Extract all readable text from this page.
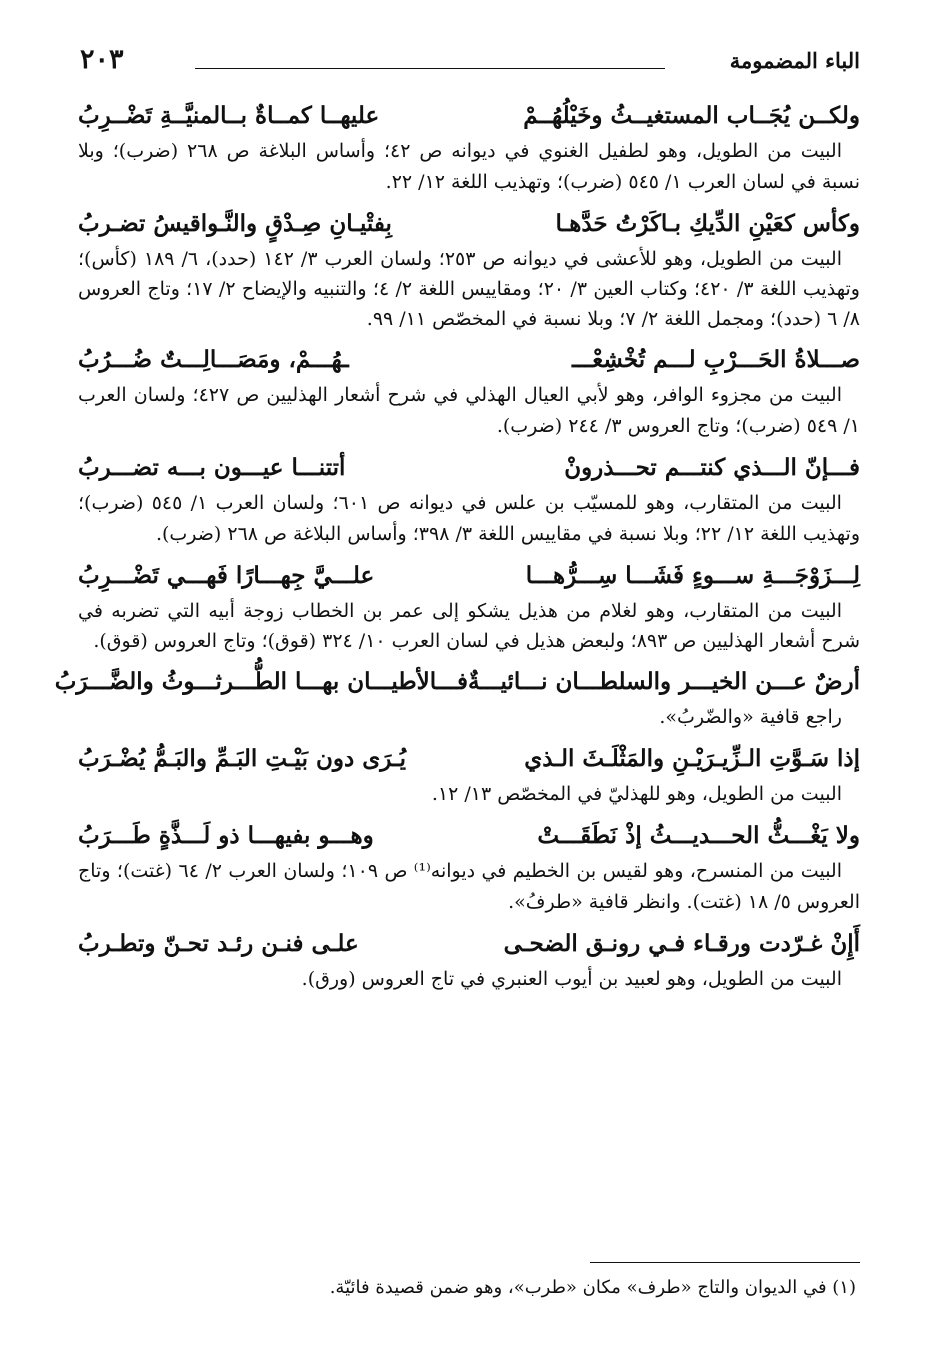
الباء المضمومة
٢٠٣
ولكــن يُجَــاب المستغيــثُ وخَيْلُهُــمْ
عليهــا كمــاةٌ بــالمنيَّــةِ تَضْــرِبُ
البيت من الطويل، وهو لطفيل الغنوي في ديوانه ص ٤٢؛ وأساس البلاغة ص ٢٦٨ (ضرب)؛ وبلا نسبة في لسان العرب ١/ ٥٤٥ (ضرب)؛ وتهذيب اللغة ١٢/ ٢٢.
وكأس كعَيْنِ الدِّيكِ بـاكَرْتُ حَدَّهـا
بِفتْيـانِ صِـدْقٍ والنَّـواقيسُ تضـربُ
البيت من الطويل، وهو للأعشى في ديوانه ص ٢٥٣؛ ولسان العرب ٣/ ١٤٢ (حدد)، ٦/ ١٨٩ (كأس)؛ وتهذيب اللغة ٣/ ٤٢٠؛ وكتاب العين ٣/ ٢٠؛ ومقاييس اللغة ٢/ ٤؛ والتنبيه والإيضاح ٢/ ١٧؛ وتاج العروس ٨/ ٦ (حدد)؛ ومجمل اللغة ٢/ ٧؛ وبلا نسبة في المخصّص ١١/ ٩٩.
صـــلاةُ الحَـــرْبِ لـــم تُخْشِعْـــ
ـهُـــمْ، ومَصَـــالِـــتٌ ضُـــرُبُ
البيت من مجزوء الوافر، وهو لأبي العيال الهذلي في شرح أشعار الهذليين ص ٤٢٧؛ ولسان العرب ١/ ٥٤٩ (ضرب)؛ وتاج العروس ٣/ ٢٤٤ (ضرب).
فـــإنّ الـــذي كنتـــم تحـــذرونْ
أتتنـــا عيـــون بـــه تضـــربُ
البيت من المتقارب، وهو للمسيّب بن علس في ديوانه ص ٦٠١؛ ولسان العرب ١/ ٥٤٥ (ضرب)؛ وتهذيب اللغة ١٢/ ٢٢؛ وبلا نسبة في مقاييس اللغة ٣/ ٣٩٨؛ وأساس البلاغة ص ٢٦٨ (ضرب).
لِـــزَوْجَـــةِ ســـوءٍ فَشَـــا سِـــرُّهـــا
علـــيَّ جِهـــارًا فَهـــي تَضْـــرِبُ
البيت من المتقارب، وهو لغلام من هذيل يشكو إلى عمر بن الخطاب زوجة أبيه التي تضربه في شرح أشعار الهذليين ص ٨٩٣؛ ولبعض هذيل في لسان العرب ١٠/ ٣٢٤ (قوق)؛ وتاج العروس (قوق).
أرضٌ عـــن الخيـــر والسلطـــان نـــائيـــةٌ
فـــالأطيـــان بهـــا الطُّـــرثـــوثُ والضَّـــرَبُ
راجع قافية «والضّربُ».
إذا سَـوَّتِ الـزِّيـرَيْـنِ والمَثْلَـثَ الـذي
يُـرَى دون بَيْـتِ البَـمِّ والبَـمُّ يُضْـرَبُ
البيت من الطويل، وهو للهذليّ في المخصّص ١٣/ ١٢.
ولا يَغْـــثُّ الحـــديـــثُ إذْ نَطَقَـــتْ
وهـــو بفيهـــا ذو لَـــذَّةٍ طَـــرَبُ
البيت من المنسرح، وهو لقيس بن الخطيم في ديوانه⁽¹⁾ ص ١٠٩؛ ولسان العرب ٢/ ٦٤ (غتت)؛ وتاج العروس ٥/ ١٨ (غتت). وانظر قافية «طرفُ».
أَإِنْ غـرّدت ورقـاء فـي رونـق الضحـى
علـى فنـن رئـد تحـنّ وتطـربُ
البيت من الطويل، وهو لعبيد بن أيوب العنبري في تاج العروس (ورق).
(١) في الديوان والتاج «طرف» مكان «طرب»، وهو ضمن قصيدة فائيّة.
